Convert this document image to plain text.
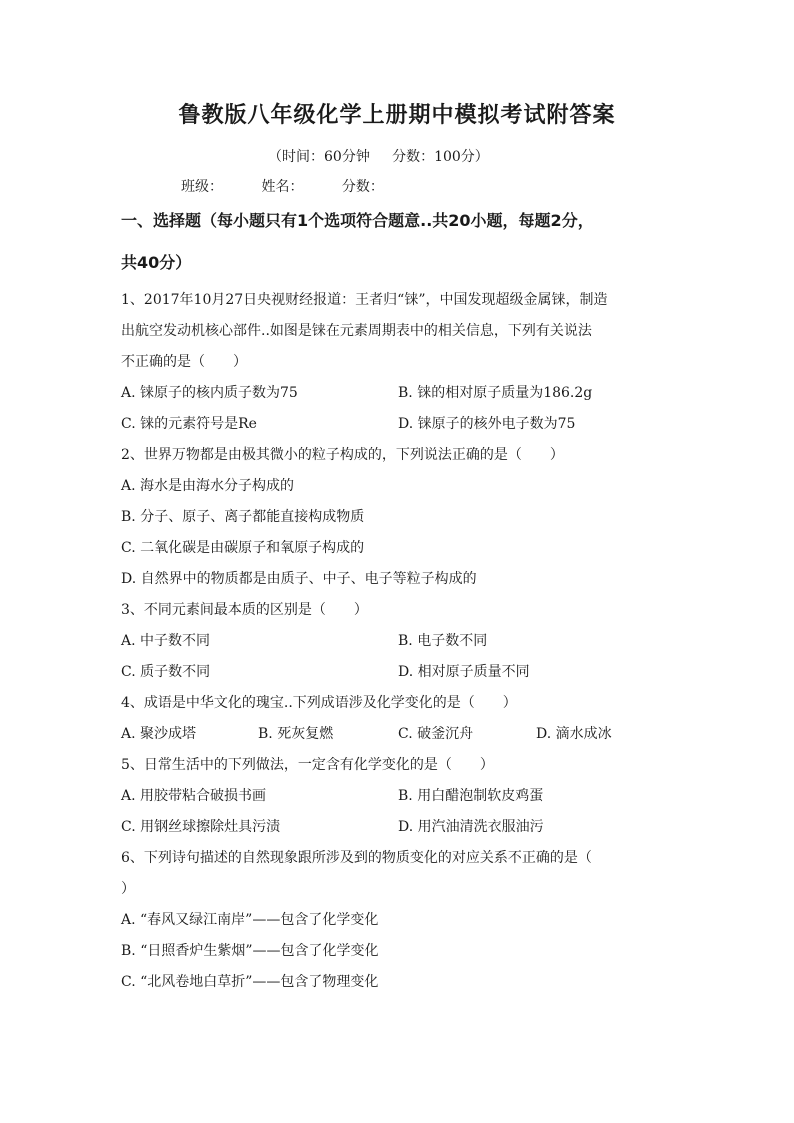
鲁教版八年级化学上册期中模拟考试附答案
（时间：60分钟     分数：100分）
班级：	姓名：	分数：
一、选择题（每小题只有1个选项符合题意..共20小题，每题2分，
共40分）
1、2017年10月27日央视财经报道：王者归“铼”，中国发现超级金属铼，制造
出航空发动机核心部件..如图是铼在元素周期表中的相关信息，下列有关说法
不正确的是（　　）
A. 铼原子的核内质子数为75	B. 铼的相对原子质量为186.2g
C. 铼的元素符号是Re	D. 铼原子的核外电子数为75
2、世界万物都是由极其微小的粒子构成的，下列说法正确的是（　　）
A. 海水是由海水分子构成的
B. 分子、原子、离子都能直接构成物质
C. 二氧化碳是由碳原子和氧原子构成的
D. 自然界中的物质都是由质子、中子、电子等粒子构成的
3、不同元素间最本质的区别是（　　）
A. 中子数不同	B. 电子数不同
C. 质子数不同	D. 相对原子质量不同
4、成语是中华文化的瑰宝..下列成语涉及化学变化的是（　　）
A. 聚沙成塔	B. 死灰复燃	C. 破釜沉舟	D. 滴水成冰
5、日常生活中的下列做法，一定含有化学变化的是（　　）
A. 用胶带粘合破损书画	B. 用白醋泡制软皮鸡蛋
C. 用钢丝球擦除灶具污渍	D. 用汽油清洗衣服油污
6、下列诗句描述的自然现象跟所涉及到的物质变化的对应关系不正确的是（
）
A. “春风又绿江南岸”——包含了化学变化
B. “日照香炉生紫烟”——包含了化学变化
C. “北风卷地白草折”——包含了物理变化
